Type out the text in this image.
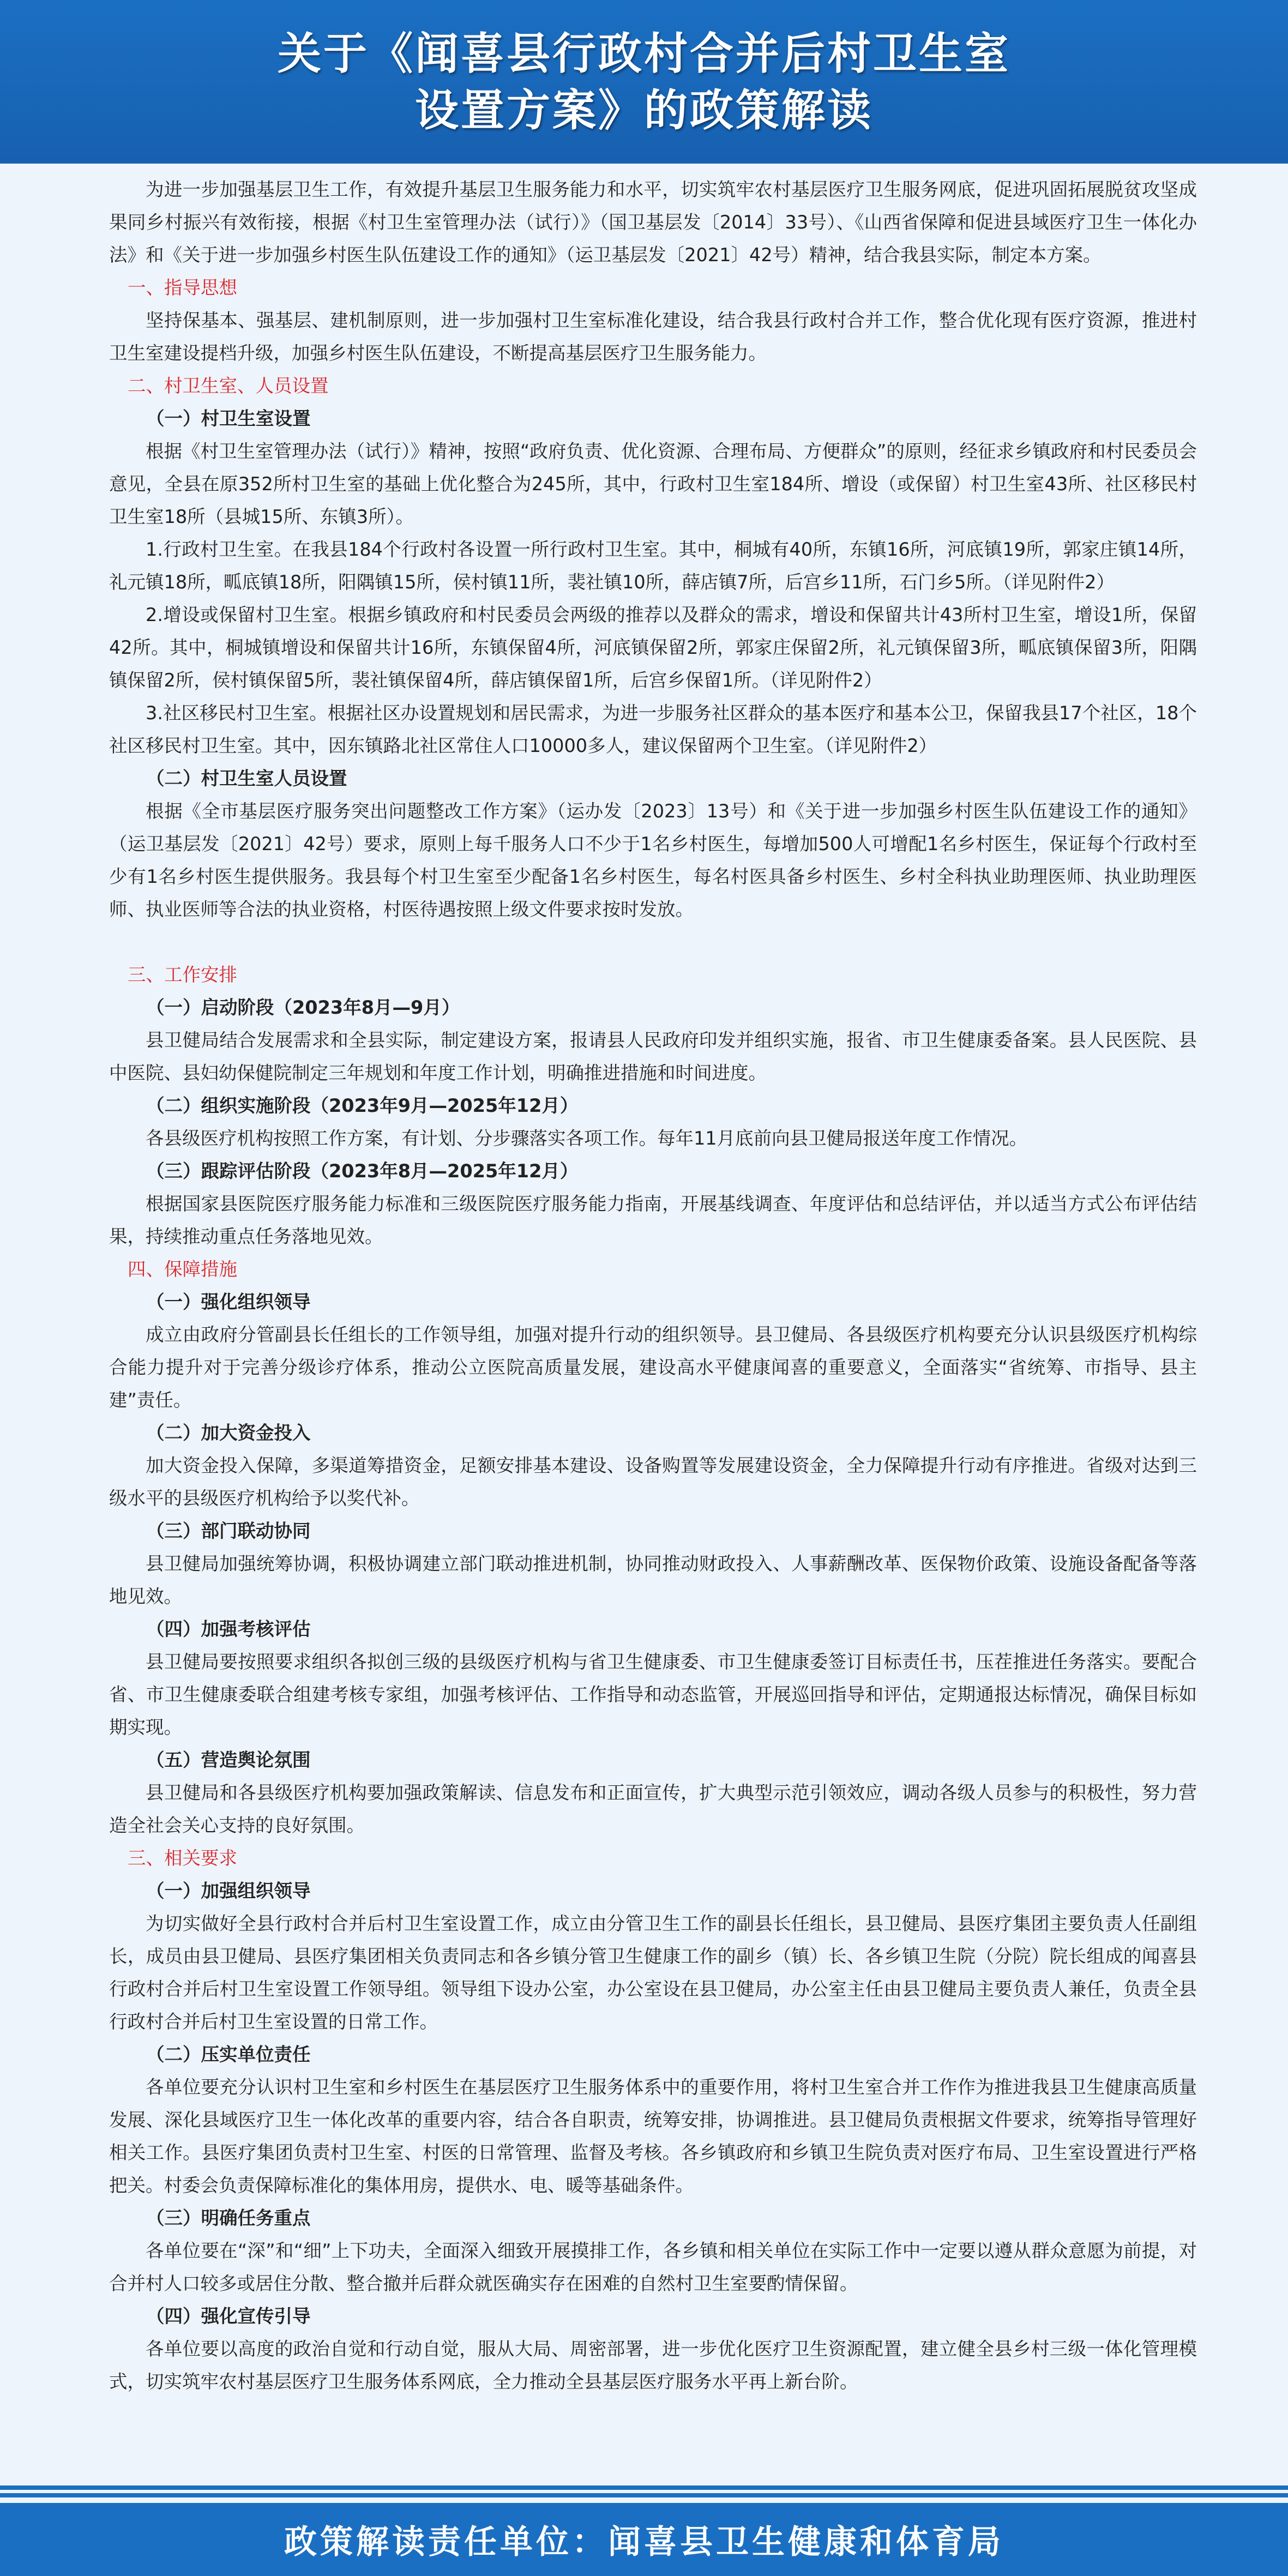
关于《闻喜县行政村合并后村卫生室
设置方案》的政策解读

为进一步加强基层卫生工作，有效提升基层卫生服务能力和水平，切实筑牢农村基层医疗卫生服务网底，促进巩固拓展脱贫攻坚成果同乡村振兴有效衔接，根据《村卫生室管理办法（试行）》（国卫基层发〔2014〕33号）、《山西省保障和促进县域医疗卫生一体化办法》和《关于进一步加强乡村医生队伍建设工作的通知》（运卫基层发〔2021〕42号）精神，结合我县实际，制定本方案。

一、指导思想

坚持保基本、强基层、建机制原则，进一步加强村卫生室标准化建设，结合我县行政村合并工作，整合优化现有医疗资源，推进村卫生室建设提档升级，加强乡村医生队伍建设，不断提高基层医疗卫生服务能力。

二、村卫生室、人员设置

（一）村卫生室设置

根据《村卫生室管理办法（试行）》精神，按照“政府负责、优化资源、合理布局、方便群众”的原则，经征求乡镇政府和村民委员会意见，全县在原352所村卫生室的基础上优化整合为245所，其中，行政村卫生室184所、增设（或保留）村卫生室43所、社区移民村卫生室18所（县城15所、东镇3所）。

1.行政村卫生室。在我县184个行政村各设置一所行政村卫生室。其中，桐城有40所，东镇16所，河底镇19所，郭家庄镇14所，礼元镇18所，畖底镇18所，阳隅镇15所，侯村镇11所，裴社镇10所，薛店镇7所，后宫乡11所，石门乡5所。（详见附件2）

2.增设或保留村卫生室。根据乡镇政府和村民委员会两级的推荐以及群众的需求，增设和保留共计43所村卫生室，增设1所，保留42所。其中，桐城镇增设和保留共计16所，东镇保留4所，河底镇保留2所，郭家庄保留2所，礼元镇保留3所，畖底镇保留3所，阳隅镇保留2所，侯村镇保留5所，裴社镇保留4所，薛店镇保留1所，后宫乡保留1所。（详见附件2）

3.社区移民村卫生室。根据社区办设置规划和居民需求，为进一步服务社区群众的基本医疗和基本公卫，保留我县17个社区，18个社区移民村卫生室。其中，因东镇路北社区常住人口10000多人，建议保留两个卫生室。（详见附件2）

（二）村卫生室人员设置

根据《全市基层医疗服务突出问题整改工作方案》（运办发〔2023〕13号）和《关于进一步加强乡村医生队伍建设工作的通知》（运卫基层发〔2021〕42号）要求，原则上每千服务人口不少于1名乡村医生，每增加500人可增配1名乡村医生，保证每个行政村至少有1名乡村医生提供服务。我县每个村卫生室至少配备1名乡村医生，每名村医具备乡村医生、乡村全科执业助理医师、执业助理医师、执业医师等合法的执业资格，村医待遇按照上级文件要求按时发放。

三、工作安排

（一）启动阶段（2023年8月—9月）

县卫健局结合发展需求和全县实际，制定建设方案，报请县人民政府印发并组织实施，报省、市卫生健康委备案。县人民医院、县中医院、县妇幼保健院制定三年规划和年度工作计划，明确推进措施和时间进度。

（二）组织实施阶段（2023年9月—2025年12月）

各县级医疗机构按照工作方案，有计划、分步骤落实各项工作。每年11月底前向县卫健局报送年度工作情况。

（三）跟踪评估阶段（2023年8月—2025年12月）

根据国家县医院医疗服务能力标准和三级医院医疗服务能力指南，开展基线调查、年度评估和总结评估，并以适当方式公布评估结果，持续推动重点任务落地见效。

四、保障措施

（一）强化组织领导

成立由政府分管副县长任组长的工作领导组，加强对提升行动的组织领导。县卫健局、各县级医疗机构要充分认识县级医疗机构综合能力提升对于完善分级诊疗体系，推动公立医院高质量发展，建设高水平健康闻喜的重要意义，全面落实“省统筹、市指导、县主建”责任。

（二）加大资金投入

加大资金投入保障，多渠道筹措资金，足额安排基本建设、设备购置等发展建设资金，全力保障提升行动有序推进。省级对达到三级水平的县级医疗机构给予以奖代补。

（三）部门联动协同

县卫健局加强统筹协调，积极协调建立部门联动推进机制，协同推动财政投入、人事薪酬改革、医保物价政策、设施设备配备等落地见效。

（四）加强考核评估

县卫健局要按照要求组织各拟创三级的县级医疗机构与省卫生健康委、市卫生健康委签订目标责任书，压茬推进任务落实。要配合省、市卫生健康委联合组建考核专家组，加强考核评估、工作指导和动态监管，开展巡回指导和评估，定期通报达标情况，确保目标如期实现。

（五）营造舆论氛围

县卫健局和各县级医疗机构要加强政策解读、信息发布和正面宣传，扩大典型示范引领效应，调动各级人员参与的积极性，努力营造全社会关心支持的良好氛围。

三、相关要求

（一）加强组织领导

为切实做好全县行政村合并后村卫生室设置工作，成立由分管卫生工作的副县长任组长，县卫健局、县医疗集团主要负责人任副组长，成员由县卫健局、县医疗集团相关负责同志和各乡镇分管卫生健康工作的副乡（镇）长、各乡镇卫生院（分院）院长组成的闻喜县行政村合并后村卫生室设置工作领导组。领导组下设办公室，办公室设在县卫健局，办公室主任由县卫健局主要负责人兼任，负责全县行政村合并后村卫生室设置的日常工作。

（二）压实单位责任

各单位要充分认识村卫生室和乡村医生在基层医疗卫生服务体系中的重要作用，将村卫生室合并工作作为推进我县卫生健康高质量发展、深化县域医疗卫生一体化改革的重要内容，结合各自职责，统筹安排，协调推进。县卫健局负责根据文件要求，统筹指导管理好相关工作。县医疗集团负责村卫生室、村医的日常管理、监督及考核。各乡镇政府和乡镇卫生院负责对医疗布局、卫生室设置进行严格把关。村委会负责保障标准化的集体用房，提供水、电、暖等基础条件。

（三）明确任务重点

各单位要在“深”和“细”上下功夫，全面深入细致开展摸排工作，各乡镇和相关单位在实际工作中一定要以遵从群众意愿为前提，对合并村人口较多或居住分散、整合撤并后群众就医确实存在困难的自然村卫生室要酌情保留。

（四）强化宣传引导

各单位要以高度的政治自觉和行动自觉，服从大局、周密部署，进一步优化医疗卫生资源配置，建立健全县乡村三级一体化管理模式，切实筑牢农村基层医疗卫生服务体系网底，全力推动全县基层医疗服务水平再上新台阶。

政策解读责任单位：闻喜县卫生健康和体育局
